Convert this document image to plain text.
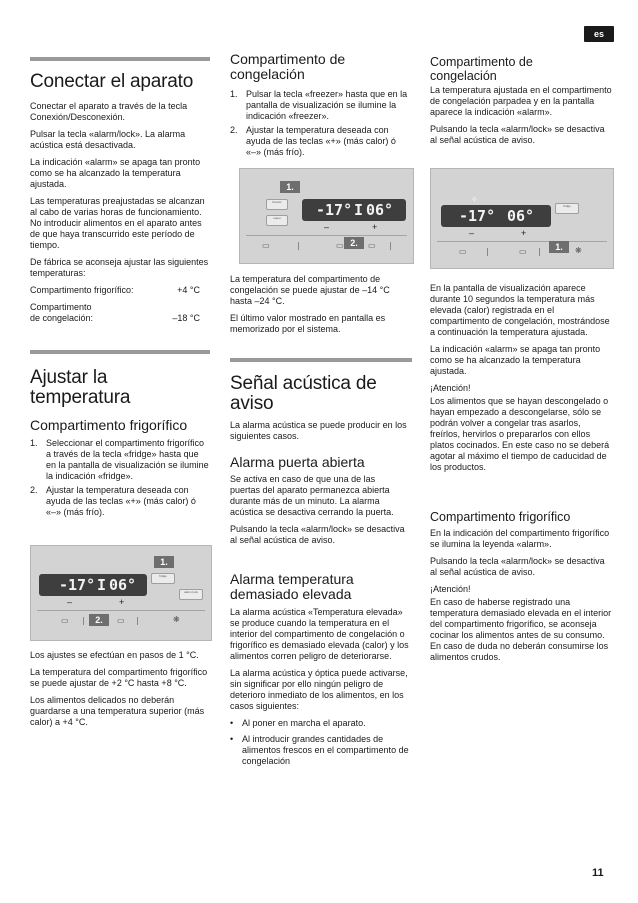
es
Conectar el aparato

Conectar el aparato a través de la tecla Conexión/Desconexión.

Pulsar la tecla «alarm/lock». La alarma acústica está desactivada.

La indicación «alarm» se apaga tan pronto como se ha alcanzado la temperatura ajustada.

Las temperaturas preajustadas se alcanzan al cabo de varias horas de funcionamiento. No introducir alimentos en el aparato antes de que haya transcurrido este período de tiempo.

De fábrica se aconseja ajustar las siguientes temperaturas:

Compartimento frigorífico:	+4 °C
Compartimento
de congelación:	–18 °C
Ajustar la temperatura
Compartimento frigorífico
1. Seleccionar el compartimento frigorífico a través de la tecla «fridge» hasta que en la pantalla de visualización se ilumine la indicación «fridge».
2. Ajustar la temperatura deseada con ayuda de las teclas «+» (más calor) ó «–» (más frío).
-17° I 06°
–	+
fridge
alarm lock
▭	▭	❋
1.
2.

Los ajustes se efectúan en pasos de 1 °C.

La temperatura del compartimento frigorífico se puede ajustar de +2 °C hasta +8 °C.

Los alimentos delicados no deberán guardarse a una temperatura superior (más calor) a +4 °C.

Compartimento de congelación
1. Pulsar la tecla «freezer» hasta que en la pantalla de visualización se ilumine la indicación «freezer».
2. Ajustar la temperatura deseada con ayuda de las teclas «+» (más calor) ó «–» (más frío).
freezer
super	-17° I 06°
–	+
▭	▭	▭
1.
2.

La temperatura del compartimento de congelación se puede ajustar de –14 °C hasta –24 °C.

El último valor mostrado en pantalla es memorizado por el sistema.

Señal acústica de aviso

La alarma acústica se puede producir en los siguientes casos.

Alarma puerta abierta

Se activa en caso de que una de las puertas del aparato permanezca abierta durante más de un minuto. La alarma acústica se desactiva cerrando la puerta.

Pulsando la tecla «alarm/lock» se desactiva al señal acústica de aviso.

Alarma temperatura demasiado elevada

La alarma acústica «Temperatura elevada» se produce cuando la temperatura en el interior del compartimento de congelación o frigorífico es demasiado elevada (calor) y los alimentos corren peligro de deteriorarse.

La alarma acústica y óptica puede activarse, sin significar por ello ningún peligro de deterioro inmediato de los alimentos, en los casos siguientes:

• Al poner en marcha el aparato.
• Al introducir grandes cantidades de alimentos frescos en el compartimento de congelación
Compartimento de congelación

La temperatura ajustada en el compartimento de congelación parpadea y en la pantalla aparece la indicación «alarm».

Pulsando la tecla «alarm/lock» se desactiva al señal acústica de aviso.

-17° 06°
✧
fridge
–	+
▭	▭	❋
1.

En la pantalla de visualización aparece durante 10 segundos la temperatura más elevada (calor) registrada en el compartimento de congelación, mostrándose a continuación la temperatura ajustada.

La indicación «alarm» se apaga tan pronto como se ha alcanzado la temperatura ajustada.

¡Atención!

Los alimentos que se hayan descongelado o hayan empezado a descongelarse, sólo se podrán volver a congelar tras asarlos, freírlos, hervirlos o prepararlos con ellos platos cocinados. En este caso no se deberá agotar al máximo el tiempo de caducidad de los productos.

Compartimento frigorífico

En la indicación del compartimento frigorífico se ilumina la leyenda «alarm».

Pulsando la tecla «alarm/lock» se desactiva al señal acústica de aviso.

¡Atención!

En caso de haberse registrado una temperatura demasiado elevada en el interior del compartimento frigorífico, se aconseja cocinar los alimentos antes de su consumo. En caso de duda no deberán consumirse los alimentos crudos.

11
